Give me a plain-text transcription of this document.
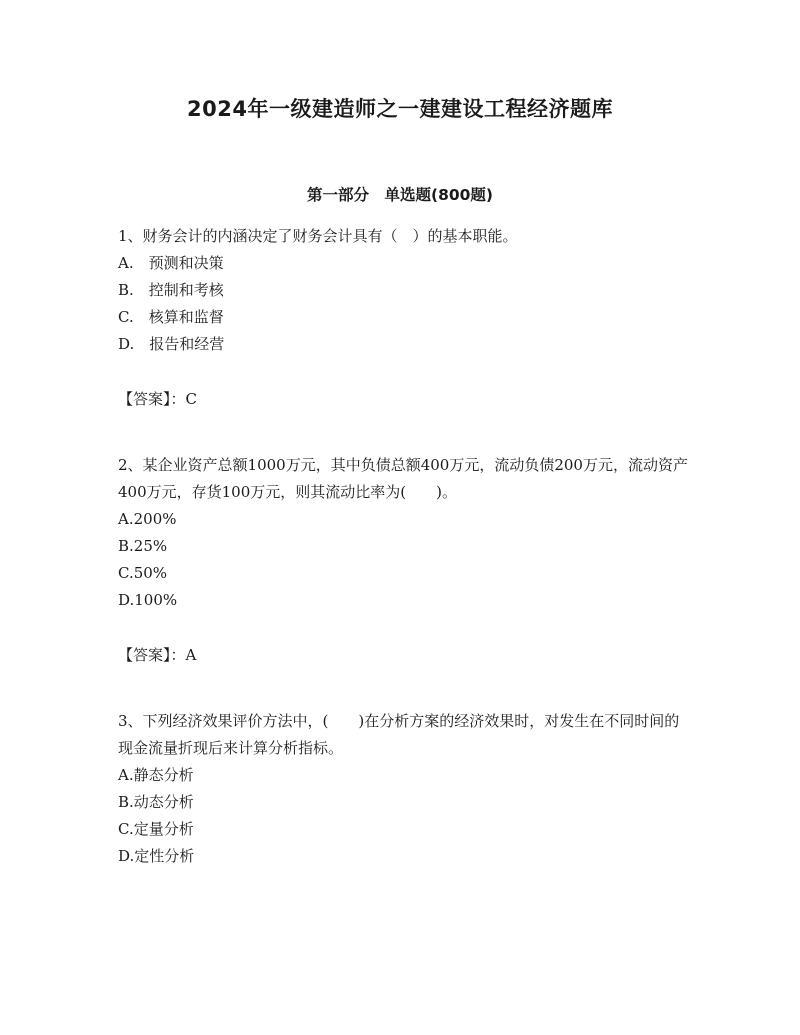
2024年一级建造师之一建建设工程经济题库
第一部分　单选题(800题)

1、财务会计的内涵决定了财务会计具有（　）的基本职能。

A.　预测和决策

B.　控制和考核

C.　核算和监督

D.　报告和经营

【答案】：C

2、某企业资产总额1000万元，其中负债总额400万元，流动负债200万元，流动资产400万元，存货100万元，则其流动比率为(　　)。

A.200%

B.25%

C.50%

D.100%

【答案】：A

3、下列经济效果评价方法中，(　　)在分析方案的经济效果时，对发生在不同时间的现金流量折现后来计算分析指标。

A.静态分析

B.动态分析

C.定量分析

D.定性分析
